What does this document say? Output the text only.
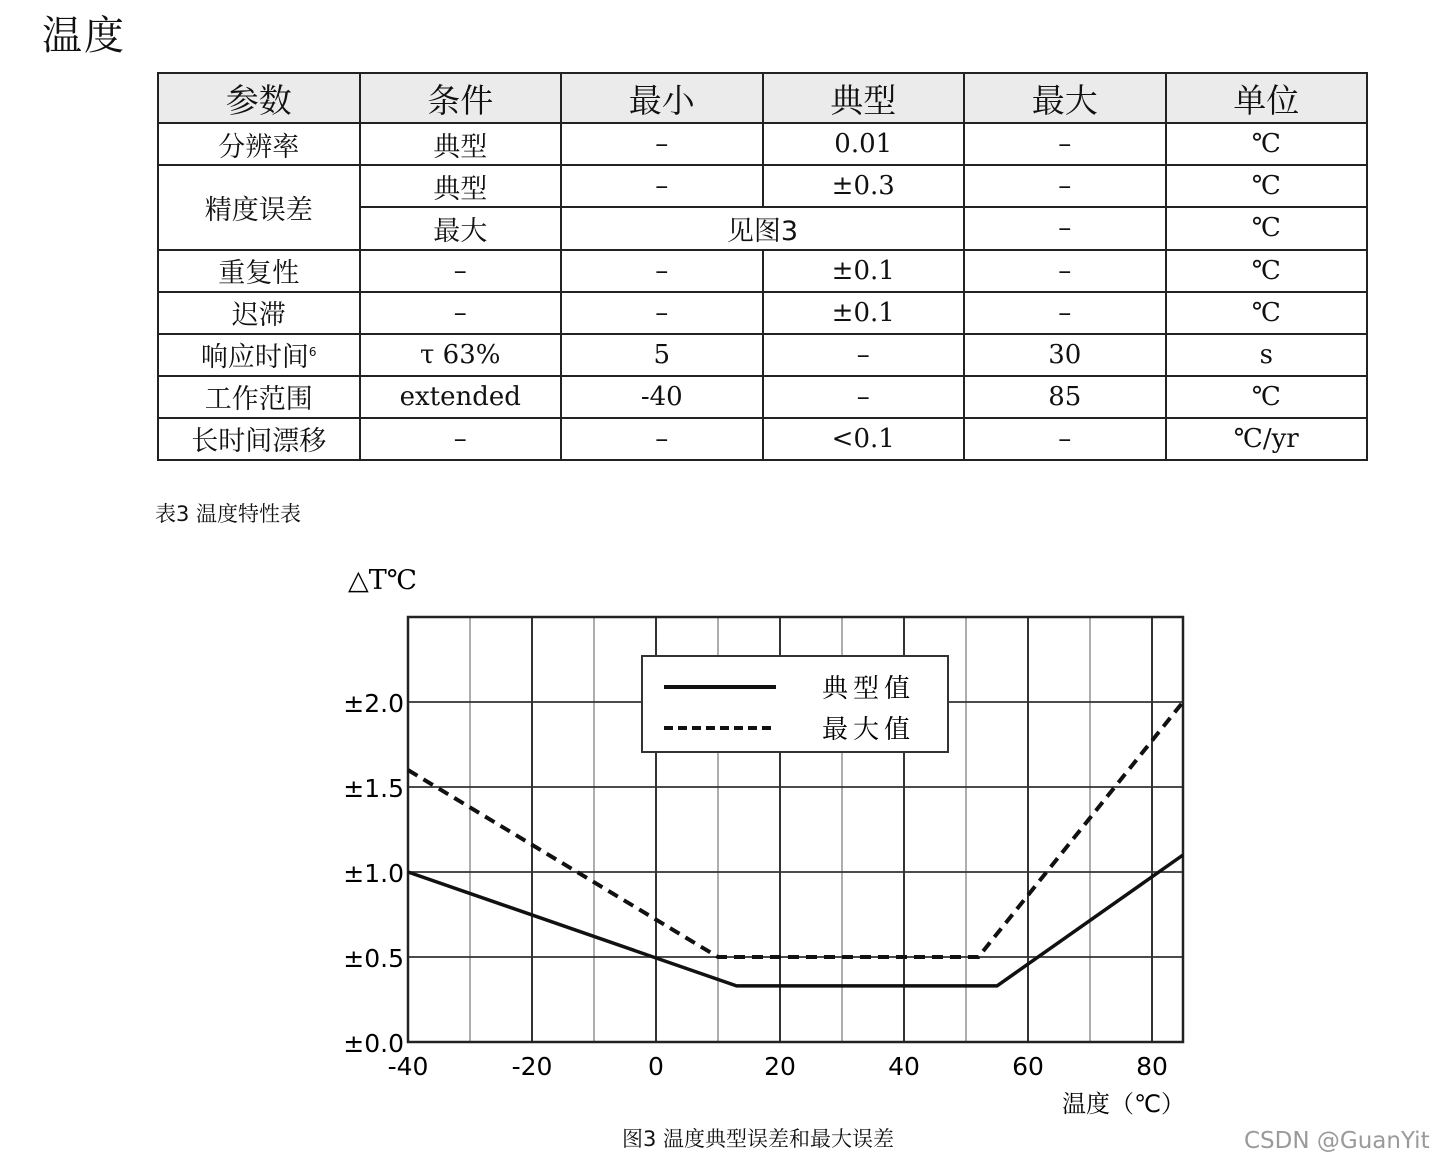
温度
参数	条件	最小	典型	最大	单位
分辨率	典型	–	0.01	–	℃
精度误差	典型	–	±0.3	–	℃
	最大	见图3		–	℃
重复性	–	–	±0.1	–	℃
迟滞	–	–	±0.1	–	℃
响应时间$^6$	τ 63%	5	–	30	s
工作范围	extended	-40	–	85	℃
长时间漂移	–	–	<0.1	–	℃/yr
表3 温度特性表
-40	-20	0	20	40	60	80
±0.0
±0.5
±1.0
±1.5
±2.0	典型值
最大值
△T℃
温度（℃）
图3 温度典型误差和最大误差	CSDN @GuanYit
